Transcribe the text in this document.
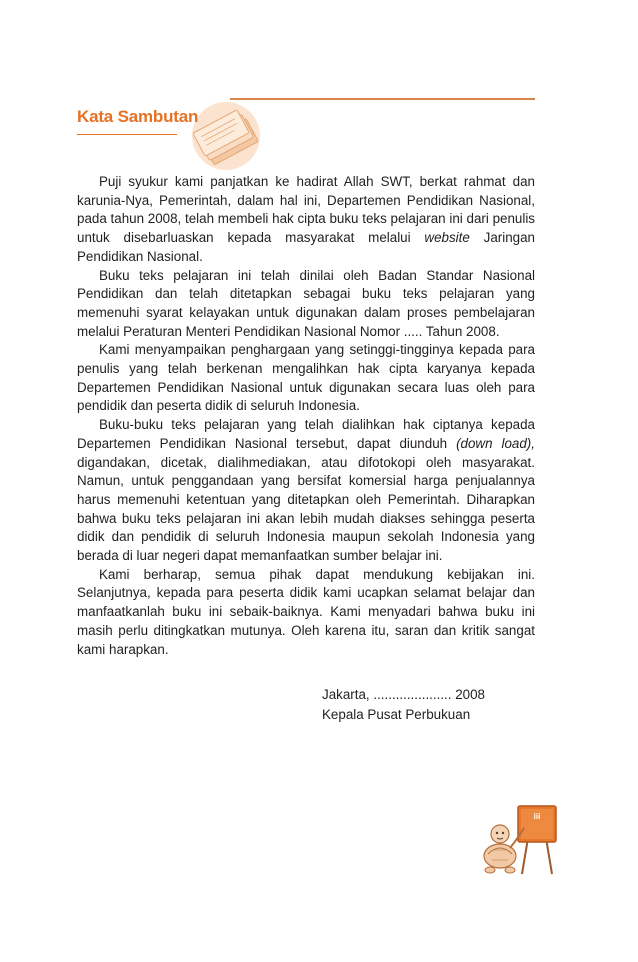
Kata Sambutan

Puji syukur kami panjatkan ke hadirat Allah SWT, berkat rahmat dan karunia-Nya, Pemerintah, dalam hal ini, Departemen Pendidikan Nasional, pada tahun 2008, telah membeli hak cipta buku teks pelajaran ini dari penulis untuk disebarluaskan kepada masyarakat melalui website Jaringan Pendidikan Nasional.

Buku teks pelajaran ini telah dinilai oleh Badan Standar Nasional Pendidikan dan telah ditetapkan sebagai buku teks pelajaran yang memenuhi syarat kelayakan untuk digunakan dalam proses pembelajaran melalui Peraturan Menteri Pendidikan Nasional Nomor ..... Tahun 2008.

Kami menyampaikan penghargaan yang setinggi-tingginya kepada para penulis yang telah berkenan mengalihkan hak cipta karyanya kepada Departemen Pendidikan Nasional untuk digunakan secara luas oleh para pendidik dan peserta didik di seluruh Indonesia.

Buku-buku teks pelajaran yang telah dialihkan hak ciptanya kepada Departemen Pendidikan Nasional tersebut, dapat diunduh (down load), digandakan, dicetak, dialihmediakan, atau difotokopi oleh masyarakat. Namun, untuk penggandaan yang bersifat komersial harga penjualannya harus memenuhi ketentuan yang ditetapkan oleh Pemerintah. Diharapkan bahwa buku teks pelajaran ini akan lebih mudah diakses sehingga peserta didik dan pendidik di seluruh Indonesia maupun sekolah Indonesia yang berada di luar negeri dapat memanfaatkan sumber belajar ini.

Kami berharap, semua pihak dapat mendukung kebijakan ini. Selanjutnya, kepada para peserta didik kami ucapkan selamat belajar dan manfaatkanlah buku ini sebaik-baiknya. Kami menyadari bahwa buku ini masih perlu ditingkatkan mutunya. Oleh karena itu, saran dan kritik sangat kami harapkan.

Jakarta, ..................... 2008
Kepala Pusat Perbukuan
iii
